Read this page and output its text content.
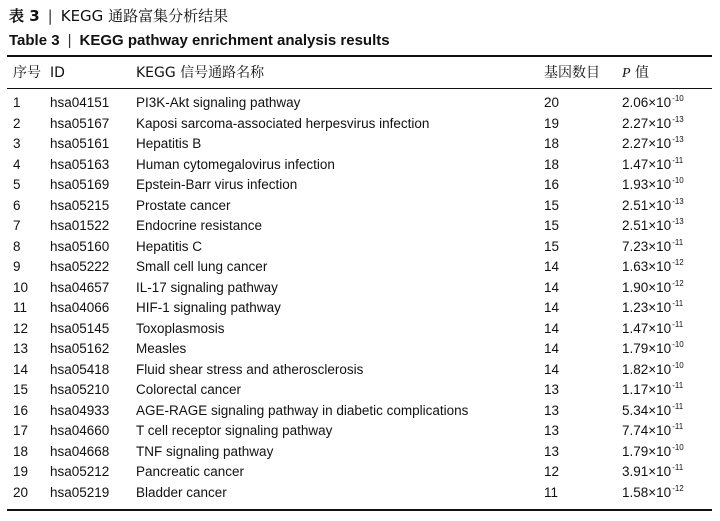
表 3 | KEGG 通路富集分析结果
Table 3 | KEGG pathway enrichment analysis results
序号 ID	KEGG 信号通路名称	基因数目 P 值
1 hsa04151 PI3K-Akt signaling pathway	20	$2.06\times 10^{-10}$
2 hsa05167 Kaposi sarcoma-associated herpesvirus infection	19	$2.27\times 10^{-13}$
3 hsa05161 Hepatitis B	18	$2.27\times 10^{-13}$
4 hsa05163 Human cytomegalovirus infection	18	$1.47\times 10^{-11}$
5 hsa05169 Epstein-Barr virus infection	16	$1.93\times 10^{-10}$
6 hsa05215 Prostate cancer	15	$2.51\times 10^{-13}$
7 hsa01522 Endocrine resistance	15	$2.51\times 10^{-13}$
8 hsa05160 Hepatitis C	15	$7.23\times 10^{-11}$
9 hsa05222 Small cell lung cancer	14	$1.63\times 10^{-12}$
10 hsa04657 IL-17 signaling pathway	14	$1.90\times 10^{-12}$
11 hsa04066 HIF-1 signaling pathway	14	$1.23\times 10^{-11}$
12 hsa05145 Toxoplasmosis	14	$1.47\times 10^{-11}$
13 hsa05162 Measles	14	$1.79\times 10^{-10}$
14 hsa05418 Fluid shear stress and atherosclerosis	14	$1.82\times 10^{-10}$
15 hsa05210 Colorectal cancer	13	$1.17\times 10^{-11}$
16 hsa04933 AGE-RAGE signaling pathway in diabetic complications	13	$5.34\times 10^{-11}$
17 hsa04660 T cell receptor signaling pathway	13	$7.74\times 10^{-11}$
18 hsa04668 TNF signaling pathway	13	$1.79\times 10^{-10}$
19 hsa05212 Pancreatic cancer	12	$3.91\times 10^{-11}$
20 hsa05219 Bladder cancer	11	$1.58\times 10^{-12}$
